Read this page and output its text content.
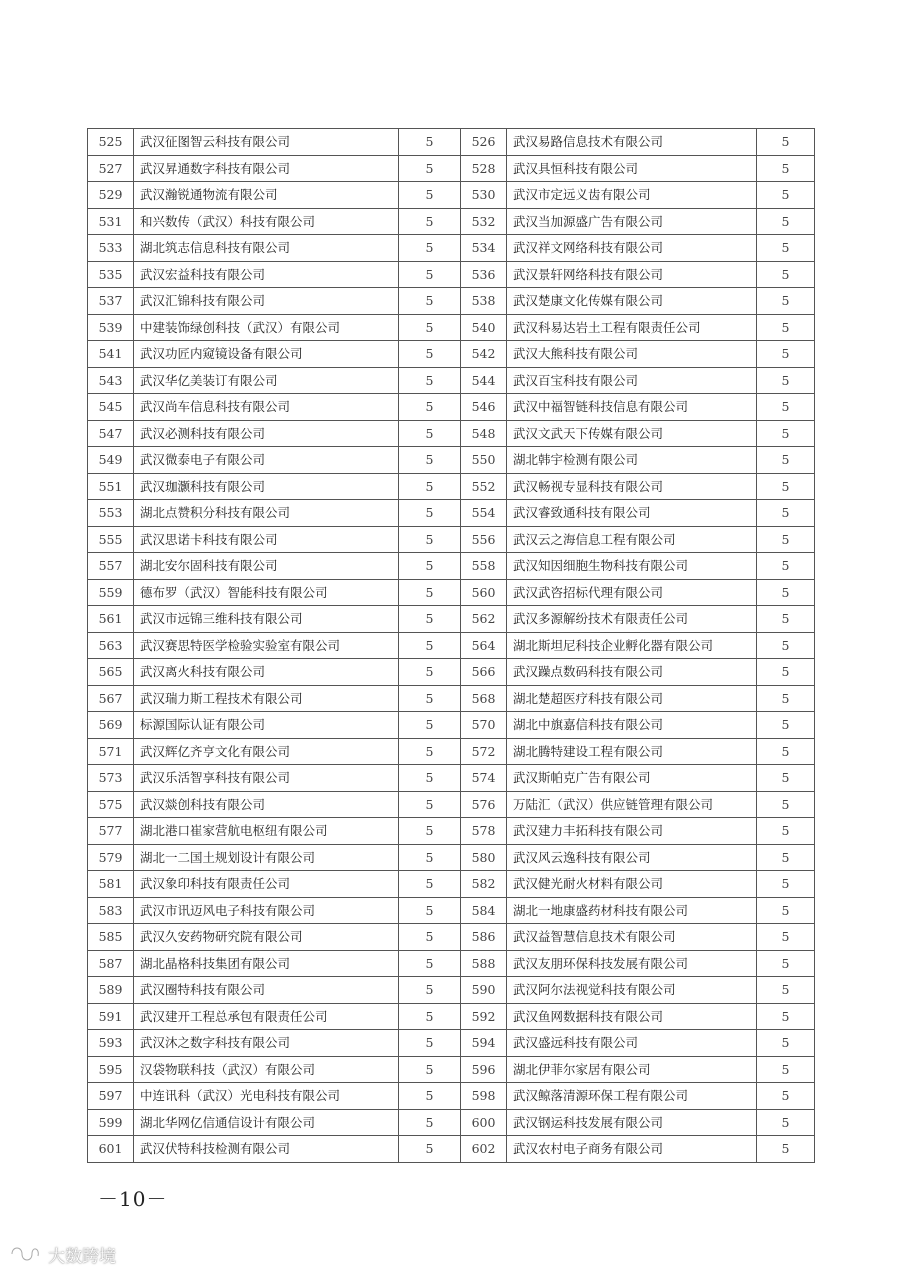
525	武汉征图智云科技有限公司	5	526	武汉易路信息技术有限公司	5
527	武汉昇通数字科技有限公司	5	528	武汉具恒科技有限公司	5
529	武汉瀚锐通物流有限公司	5	530	武汉市定远义齿有限公司	5
531	和兴数传（武汉）科技有限公司	5	532	武汉当加源盛广告有限公司	5
533	湖北筑志信息科技有限公司	5	534	武汉祥文网络科技有限公司	5
535	武汉宏益科技有限公司	5	536	武汉景轩网络科技有限公司	5
537	武汉汇锦科技有限公司	5	538	武汉楚康文化传媒有限公司	5
539	中建装饰绿创科技（武汉）有限公司	5	540	武汉科易达岩土工程有限责任公司	5
541	武汉功匠内窥镜设备有限公司	5	542	武汉大熊科技有限公司	5
543	武汉华亿美装订有限公司	5	544	武汉百宝科技有限公司	5
545	武汉尚车信息科技有限公司	5	546	武汉中福智链科技信息有限公司	5
547	武汉必测科技有限公司	5	548	武汉文武天下传媒有限公司	5
549	武汉微泰电子有限公司	5	550	湖北韩宇检测有限公司	5
551	武汉珈灏科技有限公司	5	552	武汉畅视专显科技有限公司	5
553	湖北点赞积分科技有限公司	5	554	武汉睿致通科技有限公司	5
555	武汉思诺卡科技有限公司	5	556	武汉云之海信息工程有限公司	5
557	湖北安尔固科技有限公司	5	558	武汉知因细胞生物科技有限公司	5
559	德布罗（武汉）智能科技有限公司	5	560	武汉武咨招标代理有限公司	5
561	武汉市远锦三维科技有限公司	5	562	武汉多源解纷技术有限责任公司	5
563	武汉赛思特医学检验实验室有限公司	5	564	湖北斯坦尼科技企业孵化器有限公司	5
565	武汉离火科技有限公司	5	566	武汉躁点数码科技有限公司	5
567	武汉瑞力斯工程技术有限公司	5	568	湖北楚超医疗科技有限公司	5
569	标源国际认证有限公司	5	570	湖北中旗嘉信科技有限公司	5
571	武汉辉亿齐亨文化有限公司	5	572	湖北腾特建设工程有限公司	5
573	武汉乐活智享科技有限公司	5	574	武汉斯帕克广告有限公司	5
575	武汉燚创科技有限公司	5	576	万陆汇（武汉）供应链管理有限公司	5
577	湖北港口崔家营航电枢纽有限公司	5	578	武汉建力丰拓科技有限公司	5
579	湖北一二国土规划设计有限公司	5	580	武汉风云逸科技有限公司	5
581	武汉象印科技有限责任公司	5	582	武汉健光耐火材料有限公司	5
583	武汉市讯迈风电子科技有限公司	5	584	湖北一地康盛药材科技有限公司	5
585	武汉久安药物研究院有限公司	5	586	武汉益智慧信息技术有限公司	5
587	湖北晶格科技集团有限公司	5	588	武汉友朋环保科技发展有限公司	5
589	武汉圈特科技有限公司	5	590	武汉阿尔法视觉科技有限公司	5
591	武汉建开工程总承包有限责任公司	5	592	武汉鱼网数据科技有限公司	5
593	武汉沐之数字科技有限公司	5	594	武汉盛远科技有限公司	5
595	汉袋物联科技（武汉）有限公司	5	596	湖北伊菲尔家居有限公司	5
597	中连讯科（武汉）光电科技有限公司	5	598	武汉鲸落清源环保工程有限公司	5
599	湖北华网亿信通信设计有限公司	5	600	武汉钢运科技发展有限公司	5
601	武汉伏特科技检测有限公司	5	602	武汉农村电子商务有限公司	5
－10－
大数跨境
